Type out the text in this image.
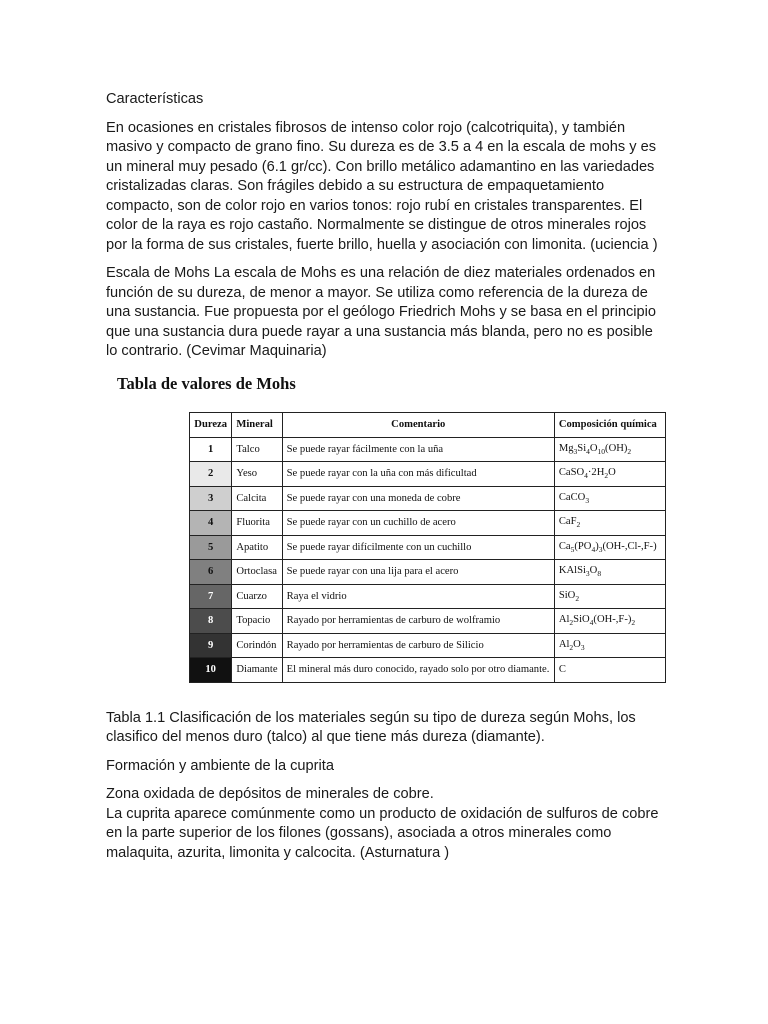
Características

En ocasiones en cristales fibrosos de intenso color rojo (calcotriquita), y también masivo y compacto de grano fino. Su dureza es de 3.5 a 4 en la escala de mohs y es un mineral muy pesado (6.1 gr/cc). Con brillo metálico adamantino en las variedades cristalizadas claras. Son frágiles debido a su estructura de empaquetamiento compacto, son de color rojo en varios tonos: rojo rubí en cristales transparentes. El color de la raya es rojo castaño. Normalmente se distingue de otros minerales rojos por la forma de sus cristales, fuerte brillo, huella y asociación con limonita. (uciencia )

Escala de Mohs La escala de Mohs es una relación de diez materiales ordenados en función de su dureza, de menor a mayor. Se utiliza como referencia de la dureza de una sustancia. Fue propuesta por el geólogo Friedrich Mohs y se basa en el principio que una sustancia dura puede rayar a una sustancia más blanda, pero no es posible lo contrario. (Cevimar Maquinaria)

Tabla de valores de Mohs
Dureza	Mineral	Comentario	Composición química
1	Talco	Se puede rayar fácilmente con la uña	$Mg_3Si_4O_{10}(OH)_2$
2	Yeso	Se puede rayar con la uña con más dificultad	$CaSO_4\cdot 2H_2O$
3	Calcita	Se puede rayar con una moneda de cobre	CaCO$_3$
4	Fluorita	Se puede rayar con un cuchillo de acero	CaF$_2$
5	Apatito	Se puede rayar difícilmente con un cuchillo	$Ca_5(PO_4)_3(OH-,Cl-,F-)$
6	Ortoclasa	Se puede rayar con una lija para el acero	$KAlSi_3O_8$
7	Cuarzo	Raya el vidrio	SiO$_2$
8	Topacio	Rayado por herramientas de carburo de wolframio	$Al_2SiO_4(OH-,F-)_2$
9	Corindón	Rayado por herramientas de carburo de Silicio	$Al_2O_3$
10	Diamante	El mineral más duro conocido, rayado solo por otro diamante.	C

Tabla 1.1 Clasificación de los materiales según su tipo de dureza según Mohs, los clasifico del menos duro (talco) al que tiene más dureza (diamante).

Formación y ambiente de la cuprita

Zona oxidada de depósitos de minerales de cobre.

La cuprita aparece comúnmente como un producto de oxidación de sulfuros de cobre en la parte superior de los filones (gossans), asociada a otros minerales como malaquita, azurita, limonita y calcocita. (Asturnatura )
